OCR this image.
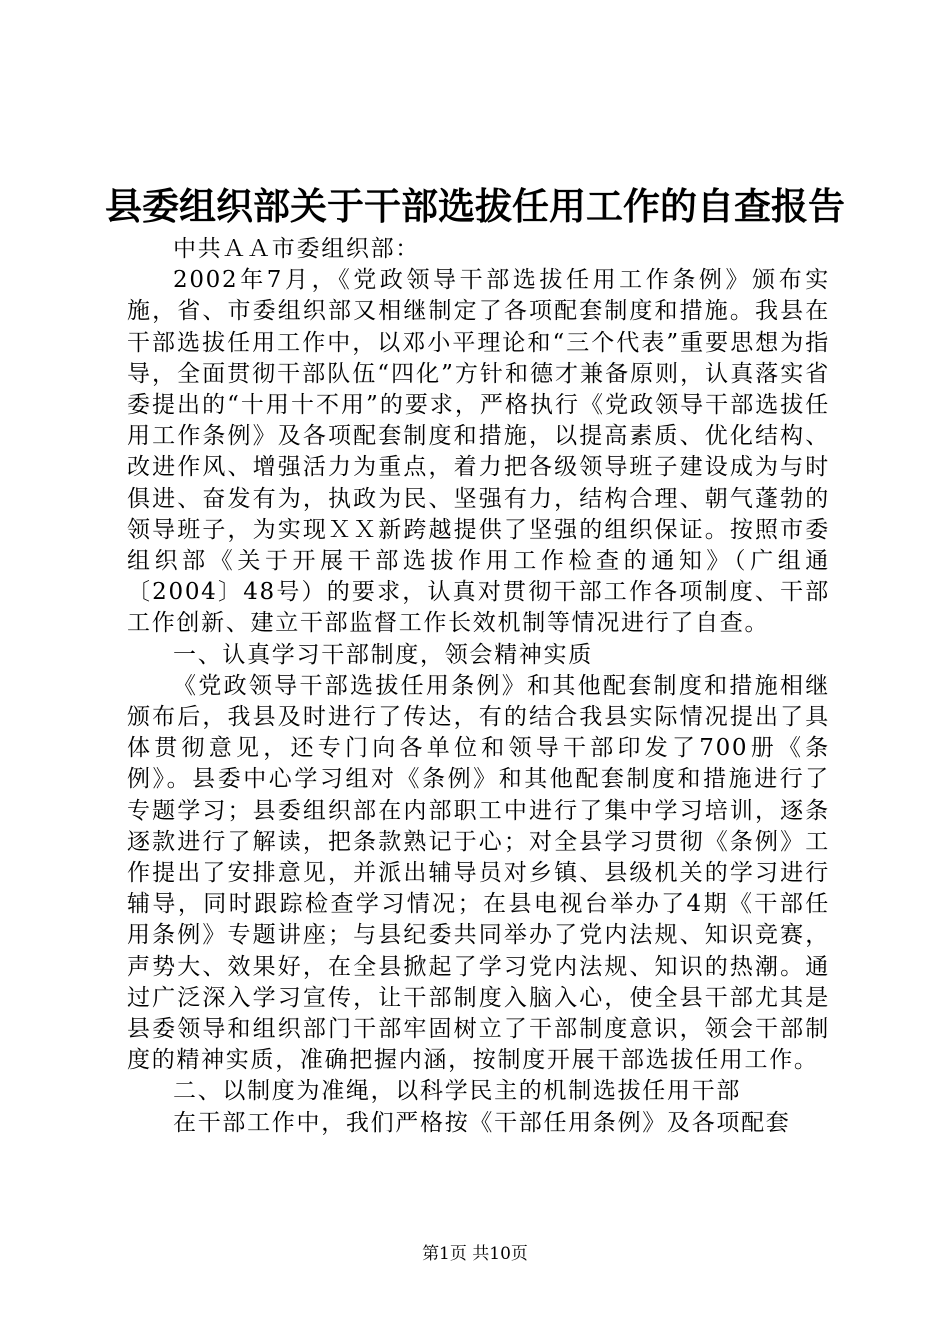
县委组织部关于干部选拔任用工作的自查报告

中共ＡＡ市委组织部：

2002年7月，《党政领导干部选拔任用工作条例》颁布实施，省、市委组织部又相继制定了各项配套制度和措施。我县在干部选拔任用工作中，以邓小平理论和“三个代表”重要思想为指导，全面贯彻干部队伍“四化”方针和德才兼备原则，认真落实省委提出的“十用十不用”的要求，严格执行《党政领导干部选拔任用工作条例》及各项配套制度和措施，以提高素质、优化结构、改进作风、增强活力为重点，着力把各级领导班子建设成为与时俱进、奋发有为，执政为民、坚强有力，结构合理、朝气蓬勃的领导班子，为实现ＸＸ新跨越提供了坚强的组织保证。按照市委组织部《关于开展干部选拔作用工作检查的通知》（广组通〔2004〕48号）的要求，认真对贯彻干部工作各项制度、干部工作创新、建立干部监督工作长效机制等情况进行了自查。

一、认真学习干部制度，领会精神实质

《党政领导干部选拔任用条例》和其他配套制度和措施相继颁布后，我县及时进行了传达，有的结合我县实际情况提出了具体贯彻意见，还专门向各单位和领导干部印发了700册《条例》。县委中心学习组对《条例》和其他配套制度和措施进行了专题学习；县委组织部在内部职工中进行了集中学习培训，逐条逐款进行了解读，把条款熟记于心；对全县学习贯彻《条例》工作提出了安排意见，并派出辅导员对乡镇、县级机关的学习进行辅导，同时跟踪检查学习情况；在县电视台举办了4期《干部任用条例》专题讲座；与县纪委共同举办了党内法规、知识竞赛，声势大、效果好，在全县掀起了学习党内法规、知识的热潮。通过广泛深入学习宣传，让干部制度入脑入心，使全县干部尤其是县委领导和组织部门干部牢固树立了干部制度意识，领会干部制度的精神实质，准确把握内涵，按制度开展干部选拔任用工作。

二、以制度为准绳，以科学民主的机制选拔任用干部

在干部工作中，我们严格按《干部任用条例》及各项配套

第1页 共10页
